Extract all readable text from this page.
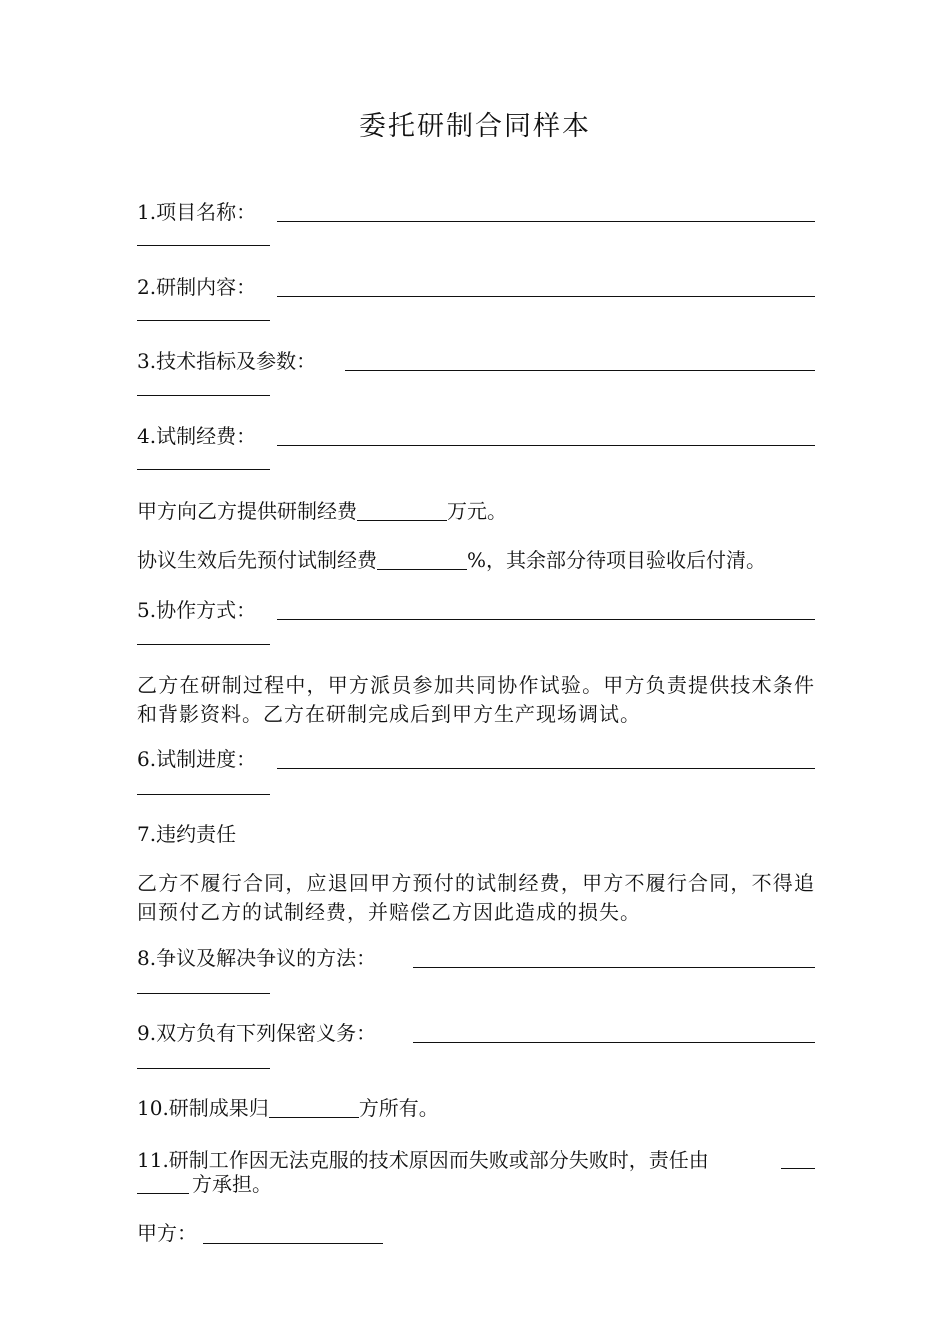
委托研制合同样本
1.项目名称：
2.研制内容：
3.技术指标及参数：
4.试制经费：
甲方向乙方提供研制经费	万元。
协议生效后先预付试制经费	%，其余部分待项目验收后付清。
5.协作方式：
乙方在研制过程中，甲方派员参加共同协作试验。甲方负责提供技术条件和背影资料。乙方在研制完成后到甲方生产现场调试。
6.试制进度：
7.违约责任
乙方不履行合同，应退回甲方预付的试制经费，甲方不履行合同，不得追回预付乙方的试制经费，并赔偿乙方因此造成的损失。
8.争议及解决争议的方法：
9.双方负有下列保密义务：
10.研制成果归	方所有。
11.研制工作因无法克服的技术原因而失败或部分失败时，责任由
方承担。
甲方：
